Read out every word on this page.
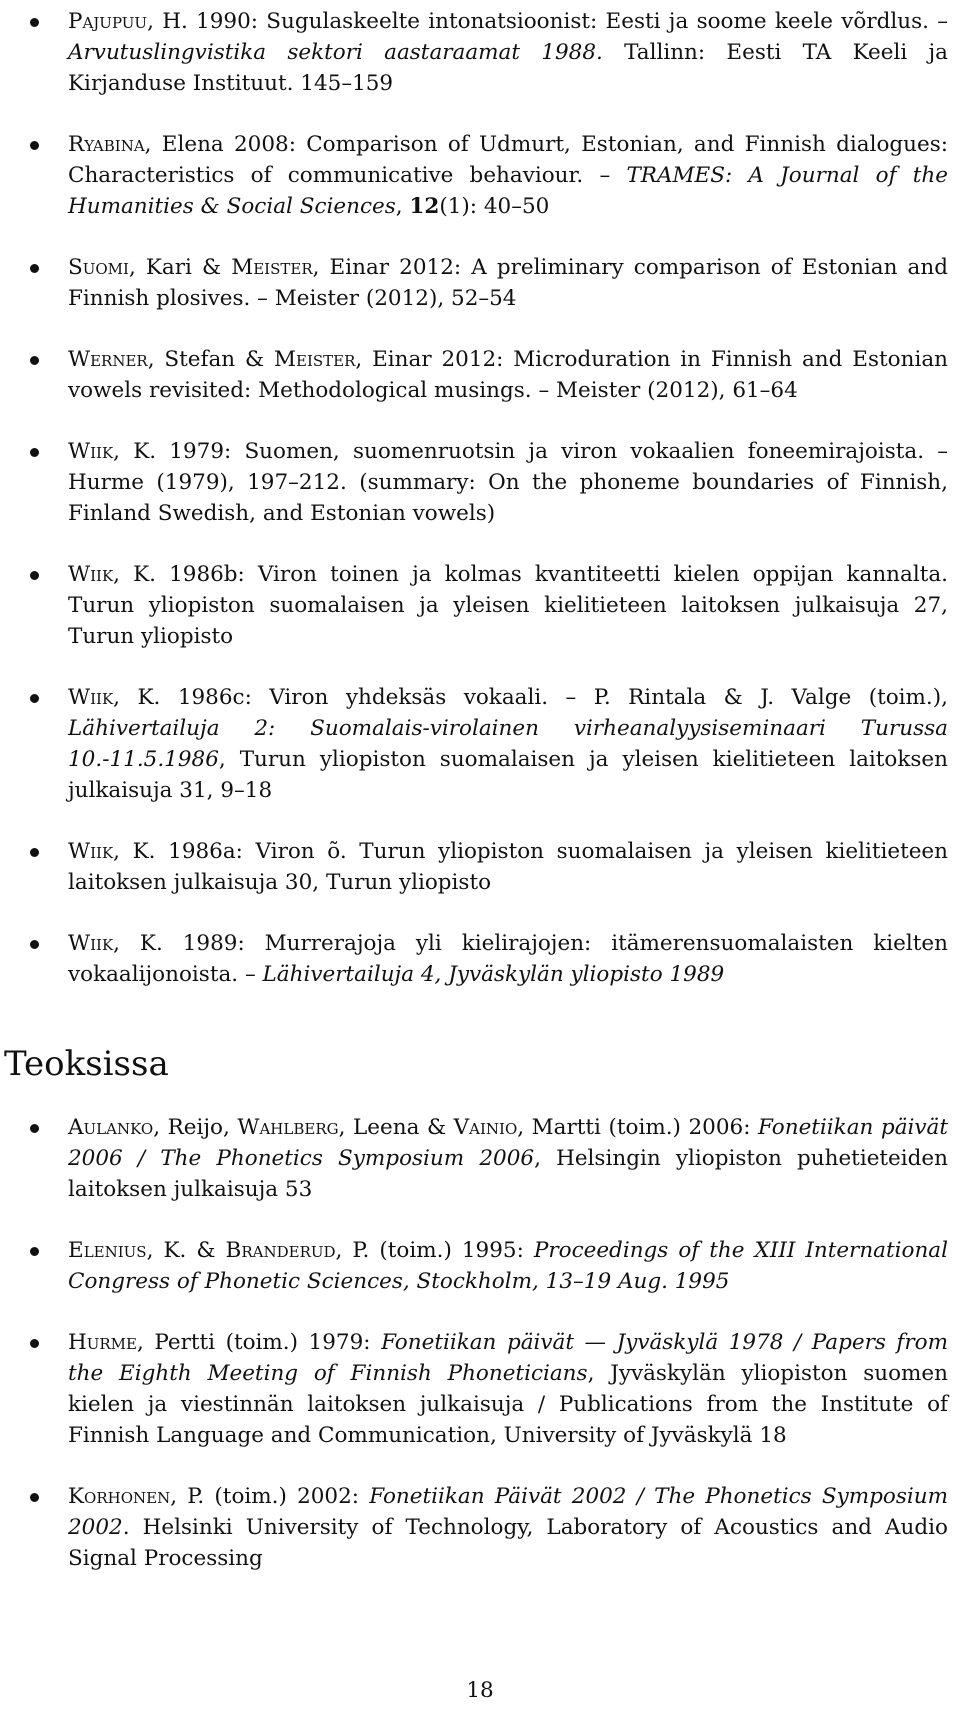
Pajupuu, H. 1990: Sugulaskeelte intonatsioonist: Eesti ja soome keele võrdlus. – Arvutuslingvistika sektori aastaraamat 1988. Tallinn: Eesti TA Keeli ja Kirjanduse Instituut. 145–159
Ryabina, Elena 2008: Comparison of Udmurt, Estonian, and Finnish dialogues: Characteristics of communicative behaviour. – TRAMES: A Journal of the Humanities & Social Sciences, 12(1): 40–50
Suomi, Kari & Meister, Einar 2012: A preliminary comparison of Estonian and Finnish plosives. – Meister (2012), 52–54
Werner, Stefan & Meister, Einar 2012: Microduration in Finnish and Estonian vowels revisited: Methodological musings. – Meister (2012), 61–64
Wiik, K. 1979: Suomen, suomenruotsin ja viron vokaalien foneemirajoista. – Hurme (1979), 197–212. (summary: On the phoneme boundaries of Finnish, Finland Swedish, and Estonian vowels)
Wiik, K. 1986b: Viron toinen ja kolmas kvantiteetti kielen oppijan kannalta. Turun yliopiston suomalaisen ja yleisen kielitieteen laitoksen julkaisuja 27, Turun yliopisto
Wiik, K. 1986c: Viron yhdeksäs vokaali. – P. Rintala & J. Valge (toim.), Lähivertailuja 2: Suomalais-virolainen virheanalyysiseminaari Turussa 10.-11.5.1986, Turun yliopiston suomalaisen ja yleisen kielitieteen laitoksen julkaisuja 31, 9–18
Wiik, K. 1986a: Viron õ. Turun yliopiston suomalaisen ja yleisen kielitieteen laitoksen julkaisuja 30, Turun yliopisto
Wiik, K. 1989: Murrerajoja yli kielirajojen: itämerensuomalaisten kielten vokaalijonoista. – Lähivertailuja 4, Jyväskylän yliopisto 1989
Teoksissa
Aulanko, Reijo, Wahlberg, Leena & Vainio, Martti (toim.) 2006: Fonetiikan päivät 2006 / The Phonetics Symposium 2006, Helsingin yliopiston puhetieteiden laitoksen julkaisuja 53
Elenius, K. & Branderud, P. (toim.) 1995: Proceedings of the XIII International Congress of Phonetic Sciences, Stockholm, 13–19 Aug. 1995
Hurme, Pertti (toim.) 1979: Fonetiikan päivät — Jyväskylä 1978 / Papers from the Eighth Meeting of Finnish Phoneticians, Jyväskylän yliopiston suomen kielen ja viestinnän laitoksen julkaisuja / Publications from the Institute of Finnish Language and Communication, University of Jyväskylä 18
Korhonen, P. (toim.) 2002: Fonetiikan Päivät 2002 / The Phonetics Symposium 2002. Helsinki University of Technology, Laboratory of Acoustics and Audio Signal Processing
18
